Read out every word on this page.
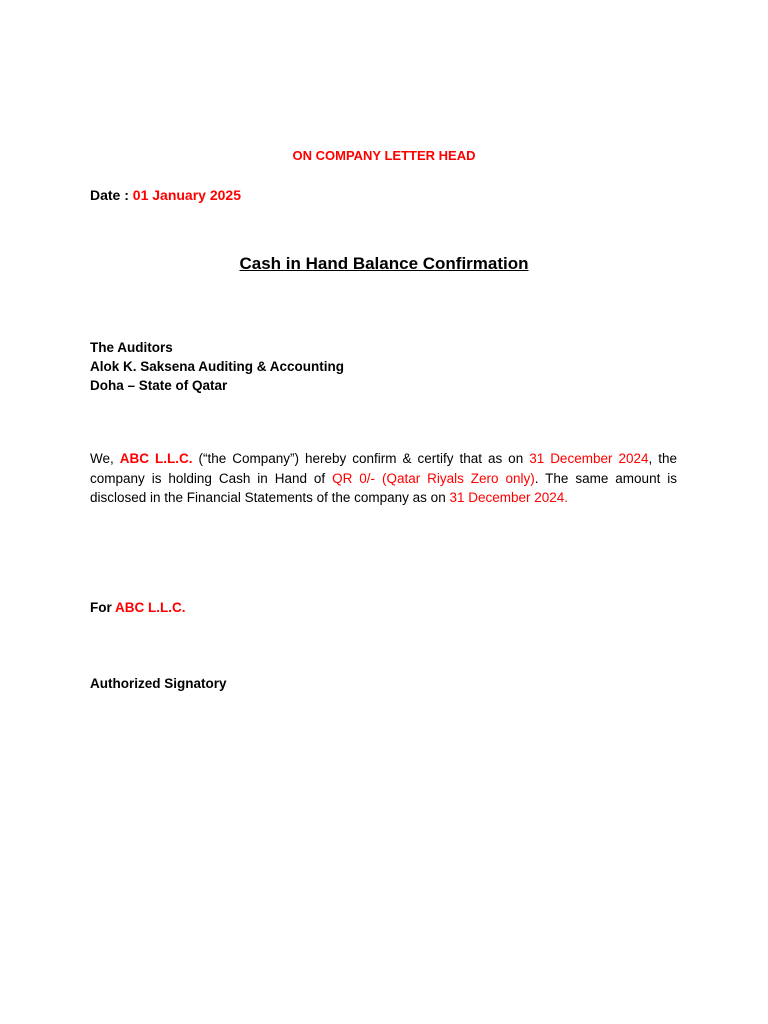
ON COMPANY LETTER HEAD
Date : 01 January 2025
Cash in Hand Balance Confirmation
The Auditors
Alok K. Saksena Auditing & Accounting
Doha – State of Qatar
We, ABC L.L.C. (“the Company”) hereby confirm & certify that as on 31 December 2024, the company is holding Cash in Hand of QR 0/- (Qatar Riyals Zero only). The same amount is disclosed in the Financial Statements of the company as on 31 December 2024.
For ABC L.L.C.
Authorized Signatory
